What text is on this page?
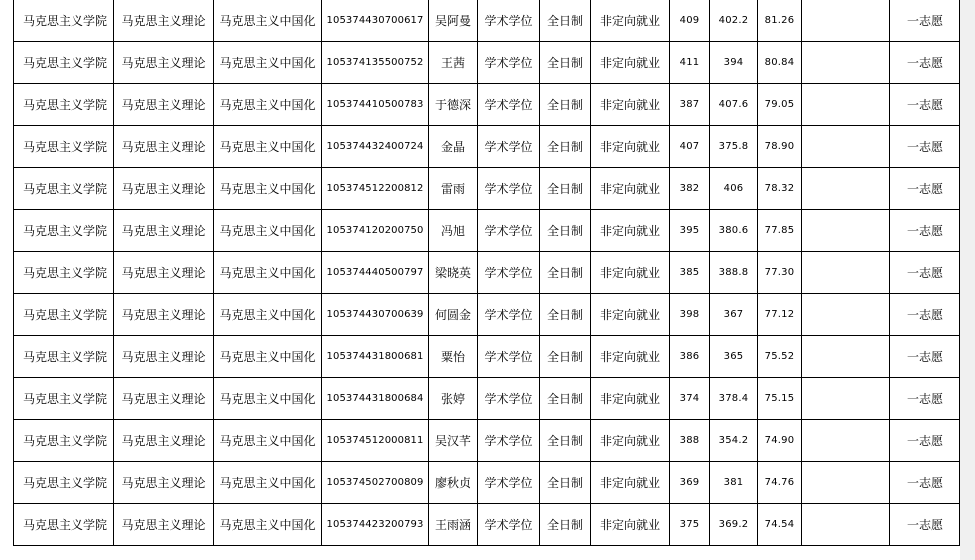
马克思主义学院	马克思主义理论	马克思主义中国化	105374430700617	吴阿曼	学术学位	全日制	非定向就业	409	402.2	81.26		一志愿
马克思主义学院	马克思主义理论	马克思主义中国化	105374135500752	王茜	学术学位	全日制	非定向就业	411	394	80.84		一志愿
马克思主义学院	马克思主义理论	马克思主义中国化	105374410500783	于德深	学术学位	全日制	非定向就业	387	407.6	79.05		一志愿
马克思主义学院	马克思主义理论	马克思主义中国化	105374432400724	金晶	学术学位	全日制	非定向就业	407	375.8	78.90		一志愿
马克思主义学院	马克思主义理论	马克思主义中国化	105374512200812	雷雨	学术学位	全日制	非定向就业	382	406	78.32		一志愿
马克思主义学院	马克思主义理论	马克思主义中国化	105374120200750	冯旭	学术学位	全日制	非定向就业	395	380.6	77.85		一志愿
马克思主义学院	马克思主义理论	马克思主义中国化	105374440500797	梁晓英	学术学位	全日制	非定向就业	385	388.8	77.30		一志愿
马克思主义学院	马克思主义理论	马克思主义中国化	105374430700639	何圆金	学术学位	全日制	非定向就业	398	367	77.12		一志愿
马克思主义学院	马克思主义理论	马克思主义中国化	105374431800681	粟怡	学术学位	全日制	非定向就业	386	365	75.52		一志愿
马克思主义学院	马克思主义理论	马克思主义中国化	105374431800684	张婷	学术学位	全日制	非定向就业	374	378.4	75.15		一志愿
马克思主义学院	马克思主义理论	马克思主义中国化	105374512000811	吴汉芊	学术学位	全日制	非定向就业	388	354.2	74.90		一志愿
马克思主义学院	马克思主义理论	马克思主义中国化	105374502700809	廖秋贞	学术学位	全日制	非定向就业	369	381	74.76		一志愿
马克思主义学院	马克思主义理论	马克思主义中国化	105374423200793	王雨涵	学术学位	全日制	非定向就业	375	369.2	74.54		一志愿
